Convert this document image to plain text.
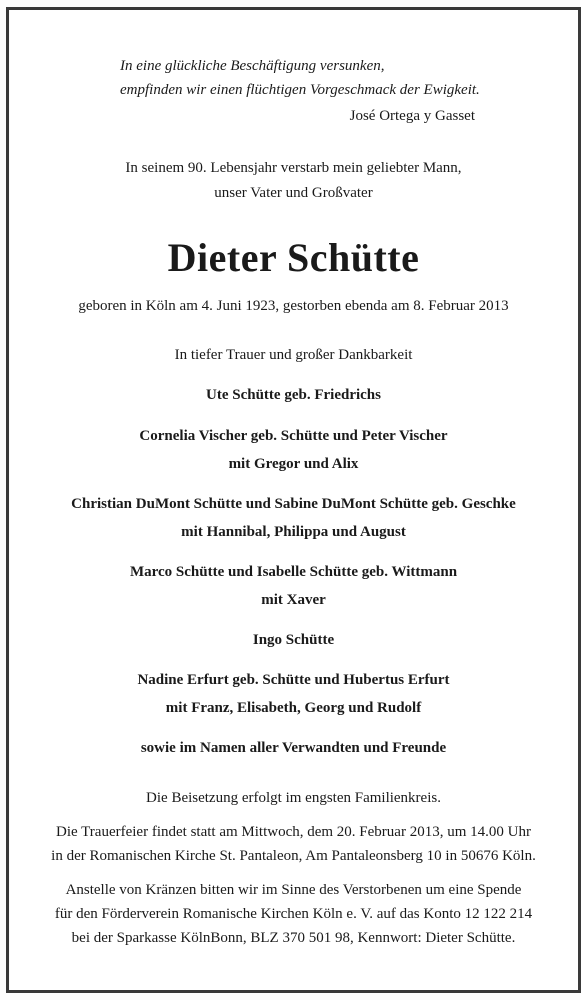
In eine glückliche Beschäftigung versunken,
empfinden wir einen flüchtigen Vorgeschmack der Ewigkeit.
José Ortega y Gasset
In seinem 90. Lebensjahr verstarb mein geliebter Mann,
unser Vater und Großvater
Dieter Schütte
geboren in Köln am 4. Juni 1923, gestorben ebenda am 8. Februar 2013
In tiefer Trauer und großer Dankbarkeit
Ute Schütte geb. Friedrichs
Cornelia Vischer geb. Schütte und Peter Vischer
mit Gregor und Alix
Christian DuMont Schütte und Sabine DuMont Schütte geb. Geschke
mit Hannibal, Philippa und August
Marco Schütte und Isabelle Schütte geb. Wittmann
mit Xaver
Ingo Schütte
Nadine Erfurt geb. Schütte und Hubertus Erfurt
mit Franz, Elisabeth, Georg und Rudolf
sowie im Namen aller Verwandten und Freunde
Die Beisetzung erfolgt im engsten Familienkreis.
Die Trauerfeier findet statt am Mittwoch, dem 20. Februar 2013, um 14.00 Uhr
in der Romanischen Kirche St. Pantaleon, Am Pantaleonsberg 10 in 50676 Köln.
Anstelle von Kränzen bitten wir im Sinne des Verstorbenen um eine Spende
für den Förderverein Romanische Kirchen Köln e. V. auf das Konto 12 122 214
bei der Sparkasse KölnBonn, BLZ 370 501 98, Kennwort: Dieter Schütte.
